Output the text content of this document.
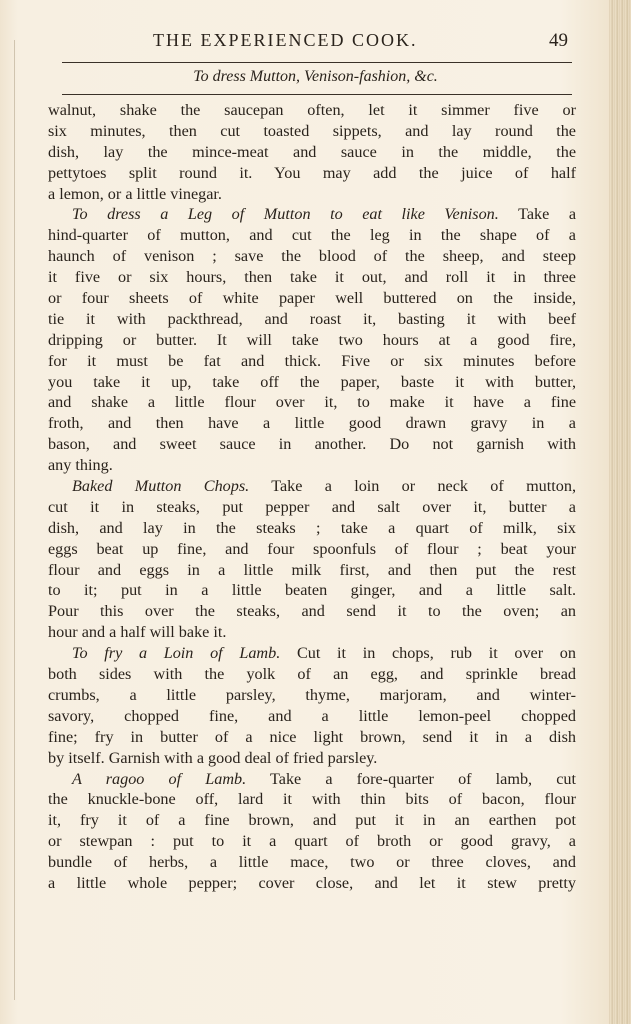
THE EXPERIENCED COOK.	49
To dress Mutton, Venison-fashion, &c.
walnut, shake the saucepan often, let it simmer five or
six minutes, then cut toasted sippets, and lay round the
dish, lay the mince-meat and sauce in the middle, the
pettytoes split round it. You may add the juice of half
a lemon, or a little vinegar.
To dress a Leg of Mutton to eat like Venison. Take a
hind-quarter of mutton, and cut the leg in the shape of a
haunch of venison ; save the blood of the sheep, and steep
it five or six hours, then take it out, and roll it in three
or four sheets of white paper well buttered on the inside,
tie it with packthread, and roast it, basting it with beef
dripping or butter. It will take two hours at a good fire,
for it must be fat and thick. Five or six minutes before
you take it up, take off the paper, baste it with butter,
and shake a little flour over it, to make it have a fine
froth, and then have a little good drawn gravy in a
bason, and sweet sauce in another. Do not garnish with
any thing.
Baked Mutton Chops. Take a loin or neck of mutton,
cut it in steaks, put pepper and salt over it, butter a
dish, and lay in the steaks ; take a quart of milk, six
eggs beat up fine, and four spoonfuls of flour ; beat your
flour and eggs in a little milk first, and then put the rest
to it; put in a little beaten ginger, and a little salt.
Pour this over the steaks, and send it to the oven; an
hour and a half will bake it.
To fry a Loin of Lamb. Cut it in chops, rub it over on
both sides with the yolk of an egg, and sprinkle bread
crumbs, a little parsley, thyme, marjoram, and winter-
savory, chopped fine, and a little lemon-peel chopped
fine; fry in butter of a nice light brown, send it in a dish
by itself. Garnish with a good deal of fried parsley.
A ragoo of Lamb. Take a fore-quarter of lamb, cut
the knuckle-bone off, lard it with thin bits of bacon, flour
it, fry it of a fine brown, and put it in an earthen pot
or stewpan : put to it a quart of broth or good gravy, a
bundle of herbs, a little mace, two or three cloves, and
a little whole pepper; cover close, and let it stew pretty
